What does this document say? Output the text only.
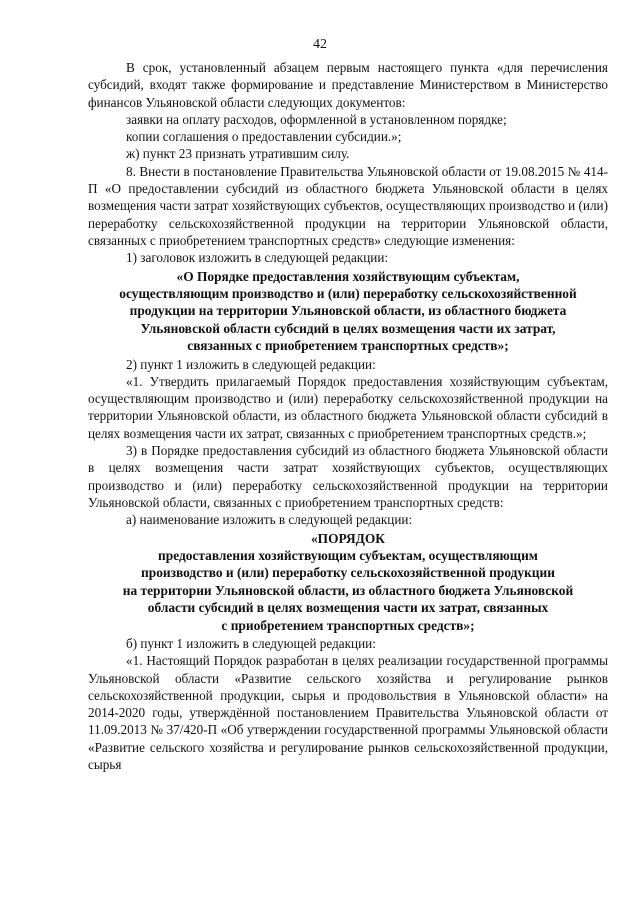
42

В срок, установленный абзацем первым настоящего пункта «для перечисления субсидий, входят также формирование и представление Министерством в Министерство финансов Ульяновской области следующих документов:

заявки на оплату расходов, оформленной в установленном порядке;

копии соглашения о предоставлении субсидии.»;

ж) пункт 23 признать утратившим силу.

8. Внести в постановление Правительства Ульяновской области от 19.08.2015 № 414-П «О предоставлении субсидий из областного бюджета Ульяновской области в целях возмещения части затрат хозяйствующих субъектов, осуществляющих производство и (или) переработку сельскохозяйственной продукции на территории Ульяновской области, связанных с приобретением транспортных средств» следующие изменения:

1) заголовок изложить в следующей редакции:

«О Порядке предоставления хозяйствующим субъектам,
осуществляющим производство и (или) переработку сельскохозяйственной
продукции на территории Ульяновской области, из областного бюджета
Ульяновской области субсидий в целях возмещения части их затрат,
связанных с приобретением транспортных средств»;

2) пункт 1 изложить в следующей редакции:

«1. Утвердить прилагаемый Порядок предоставления хозяйствующим субъектам, осуществляющим производство и (или) переработку сельскохозяйственной продукции на территории Ульяновской области, из областного бюджета Ульяновской области субсидий в целях возмещения части их затрат, связанных с приобретением транспортных средств.»;

3) в Порядке предоставления субсидий из областного бюджета Ульяновской области в целях возмещения части затрат хозяйствующих субъектов, осуществляющих производство и (или) переработку сельскохозяйственной продукции на территории Ульяновской области, связанных с приобретением транспортных средств:

а) наименование изложить в следующей редакции:

«ПОРЯДОК
предоставления хозяйствующим субъектам, осуществляющим
производство и (или) переработку сельскохозяйственной продукции
на территории Ульяновской области, из областного бюджета Ульяновской
области субсидий в целях возмещения части их затрат, связанных
с приобретением транспортных средств»;

б) пункт 1 изложить в следующей редакции:

«1. Настоящий Порядок разработан в целях реализации государственной программы Ульяновской области «Развитие сельского хозяйства и регулирование рынков сельскохозяйственной продукции, сырья и продовольствия в Ульяновской области» на 2014-2020 годы, утверждённой постановлением Правительства Ульяновской области от 11.09.2013 № 37/420-П «Об утверждении государственной программы Ульяновской области «Развитие сельского хозяйства и регулирование рынков сельскохозяйственной продукции, сырья
